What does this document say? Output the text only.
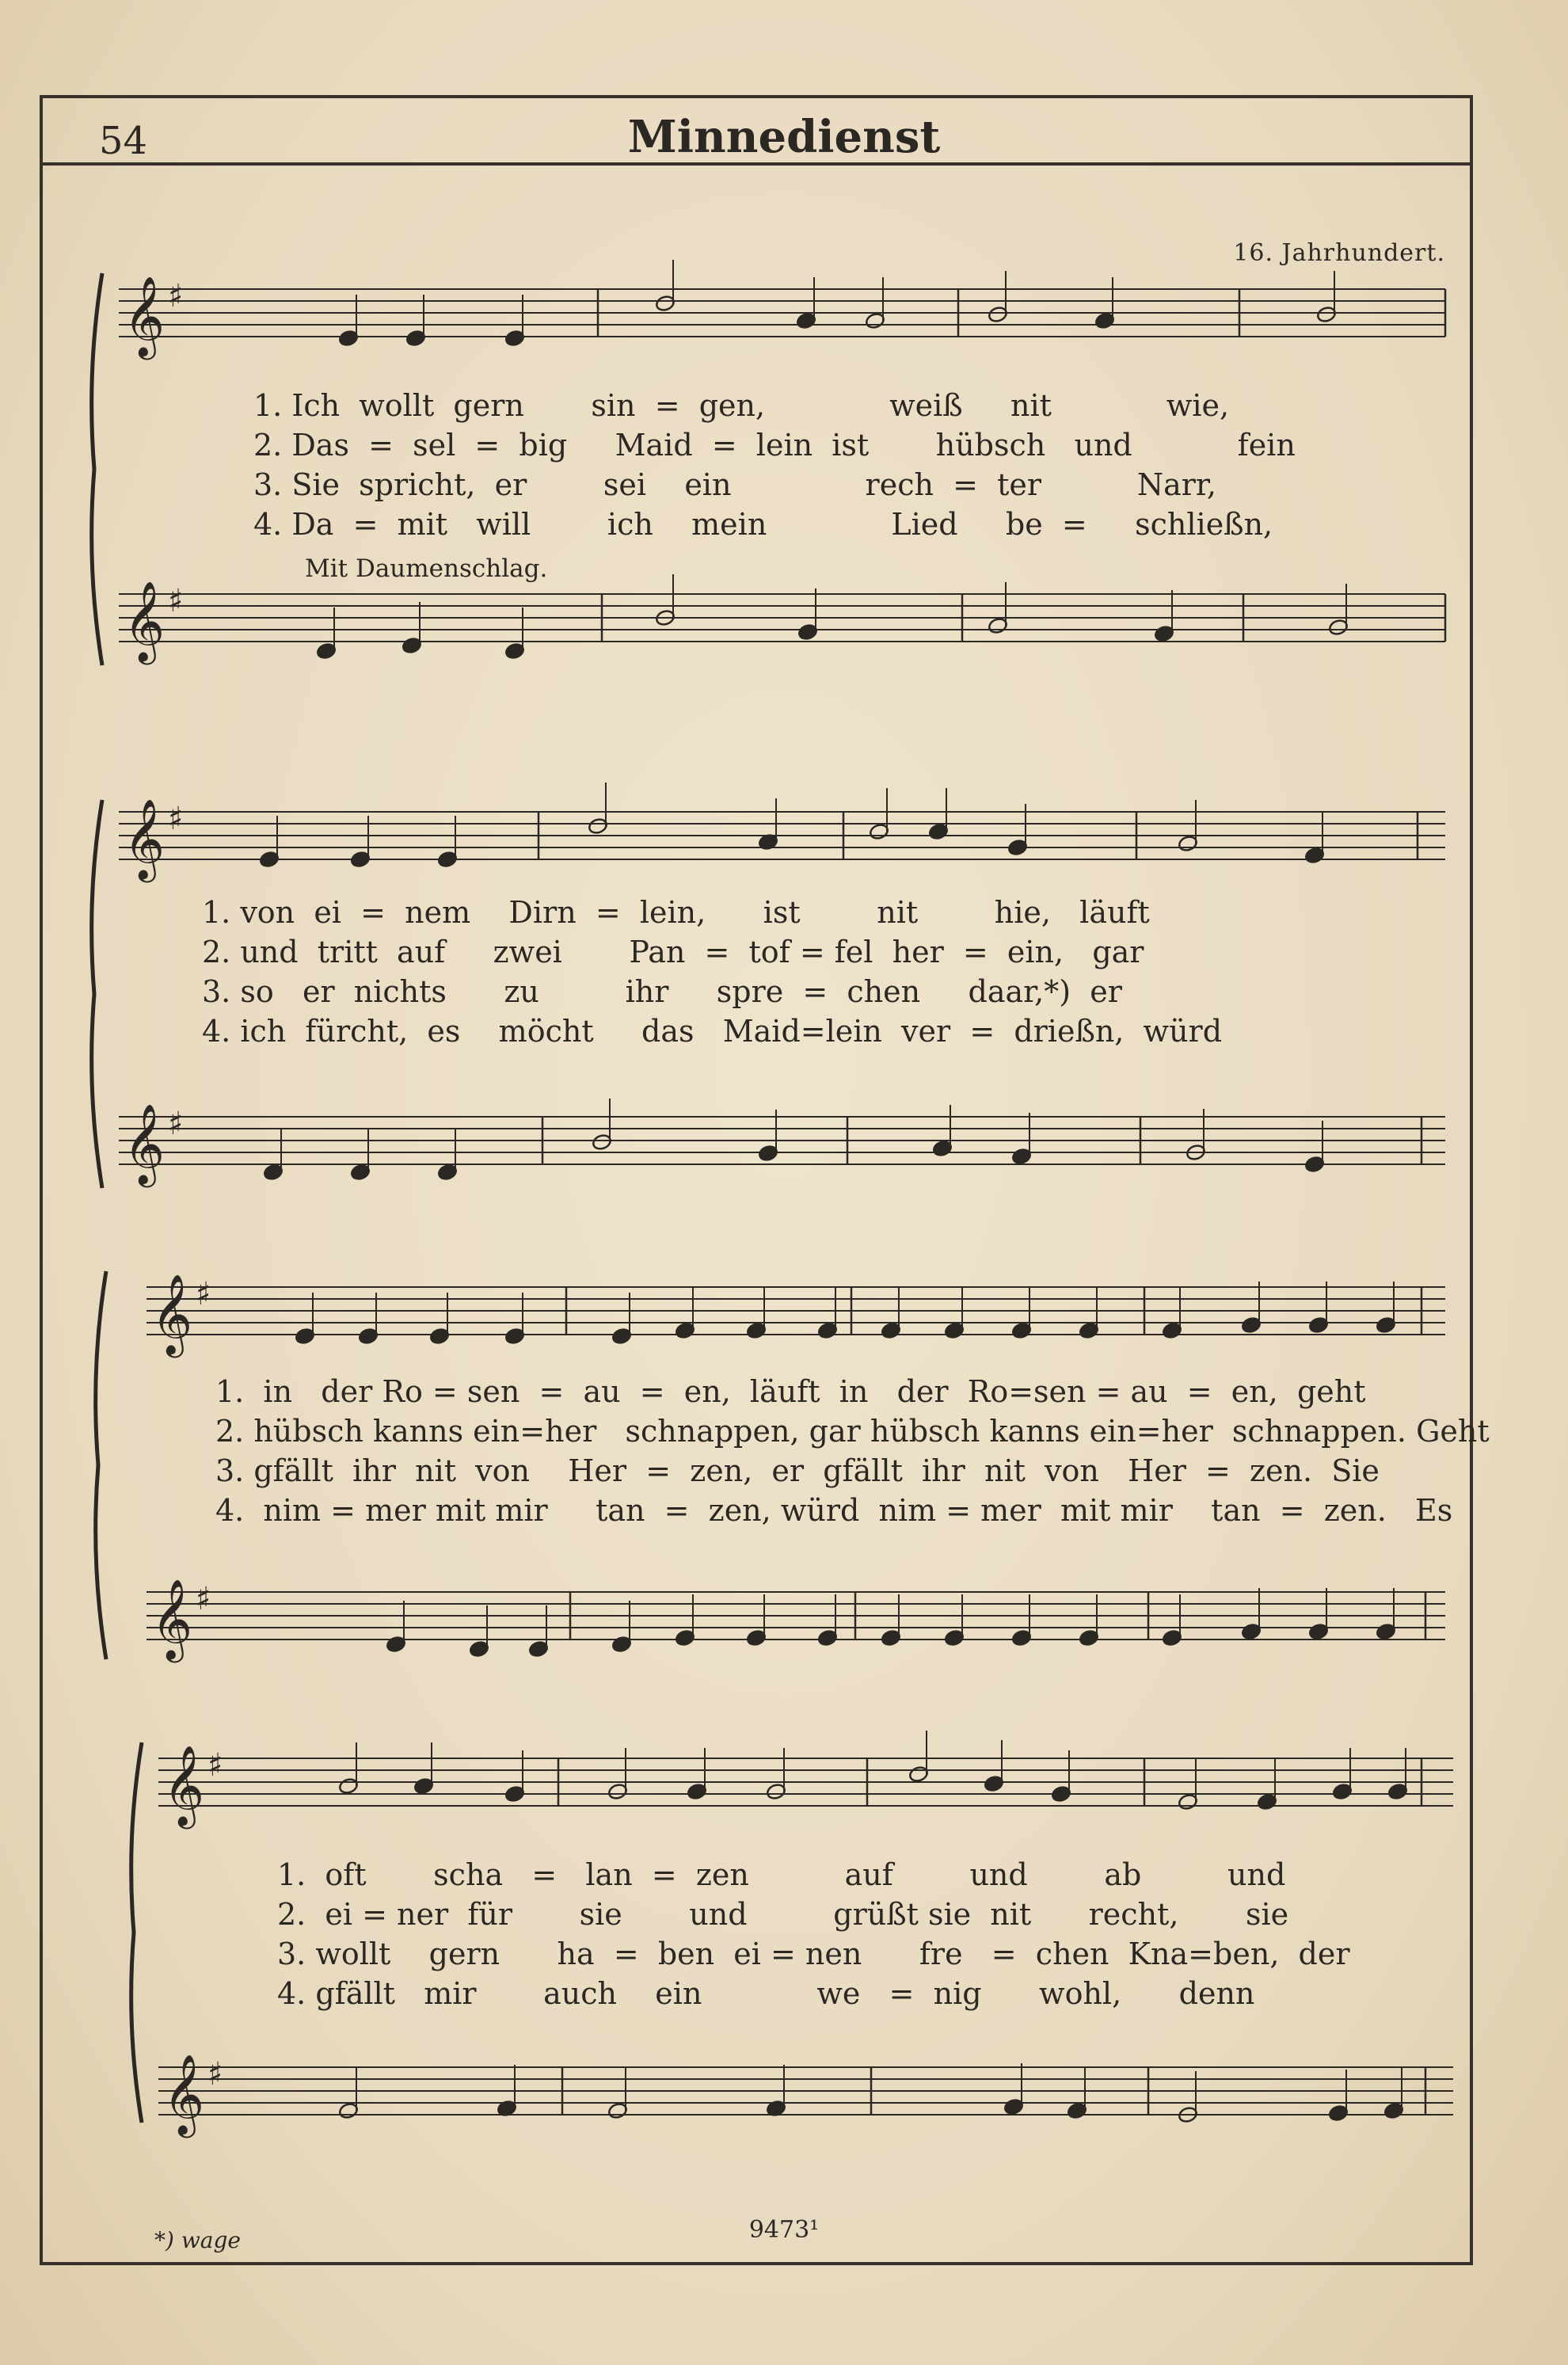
54	Minnedienst
16. Jahrhundert.
Mit Daumenschlag.
𝄞 ♯
𝄞 ♯
𝄞 ♯
𝄞 ♯
𝄞 ♯
𝄞 ♯
𝄞 ♯
𝄞 ♯
1. Ich  wollt  gern       sin  =  gen,             weiß     nit            wie,
2. Das  =  sel  =  big     Maid  =  lein  ist       hübsch   und           fein
3. Sie  spricht,  er        sei    ein              rech  =  ter          Narr,
4. Da  =  mit   will        ich    mein             Lied     be  =     schließn,
1. von  ei  =  nem    Dirn  =  lein,      ist        nit        hie,   läuft
2. und  tritt  auf     zwei       Pan  =  tof = fel  her  =  ein,   gar
3. so   er  nichts      zu         ihr     spre  =  chen     daar,*)  er
4. ich  fürcht,  es    möcht     das   Maid=lein  ver  =  drießn,  würd
1.  in   der Ro = sen  =  au  =  en,  läuft  in   der  Ro=sen = au  =  en,  geht
2. hübsch kanns ein=her   schnappen, gar hübsch kanns ein=her  schnappen. Geht
3. gfällt  ihr  nit  von    Her  =  zen,  er  gfällt  ihr  nit  von   Her  =  zen.  Sie
4.  nim = mer mit mir     tan  =  zen, würd  nim = mer  mit mir    tan  =  zen.   Es
1.  oft       scha   =   lan  =  zen          auf        und        ab         und
2.  ei = ner  für       sie       und         grüßt sie  nit      recht,       sie
3. wollt    gern      ha  =  ben  ei = nen      fre   =  chen  Kna=ben,  der
4. gfällt   mir       auch    ein            we   =  nig      wohl,      denn
*) wage	9473¹
